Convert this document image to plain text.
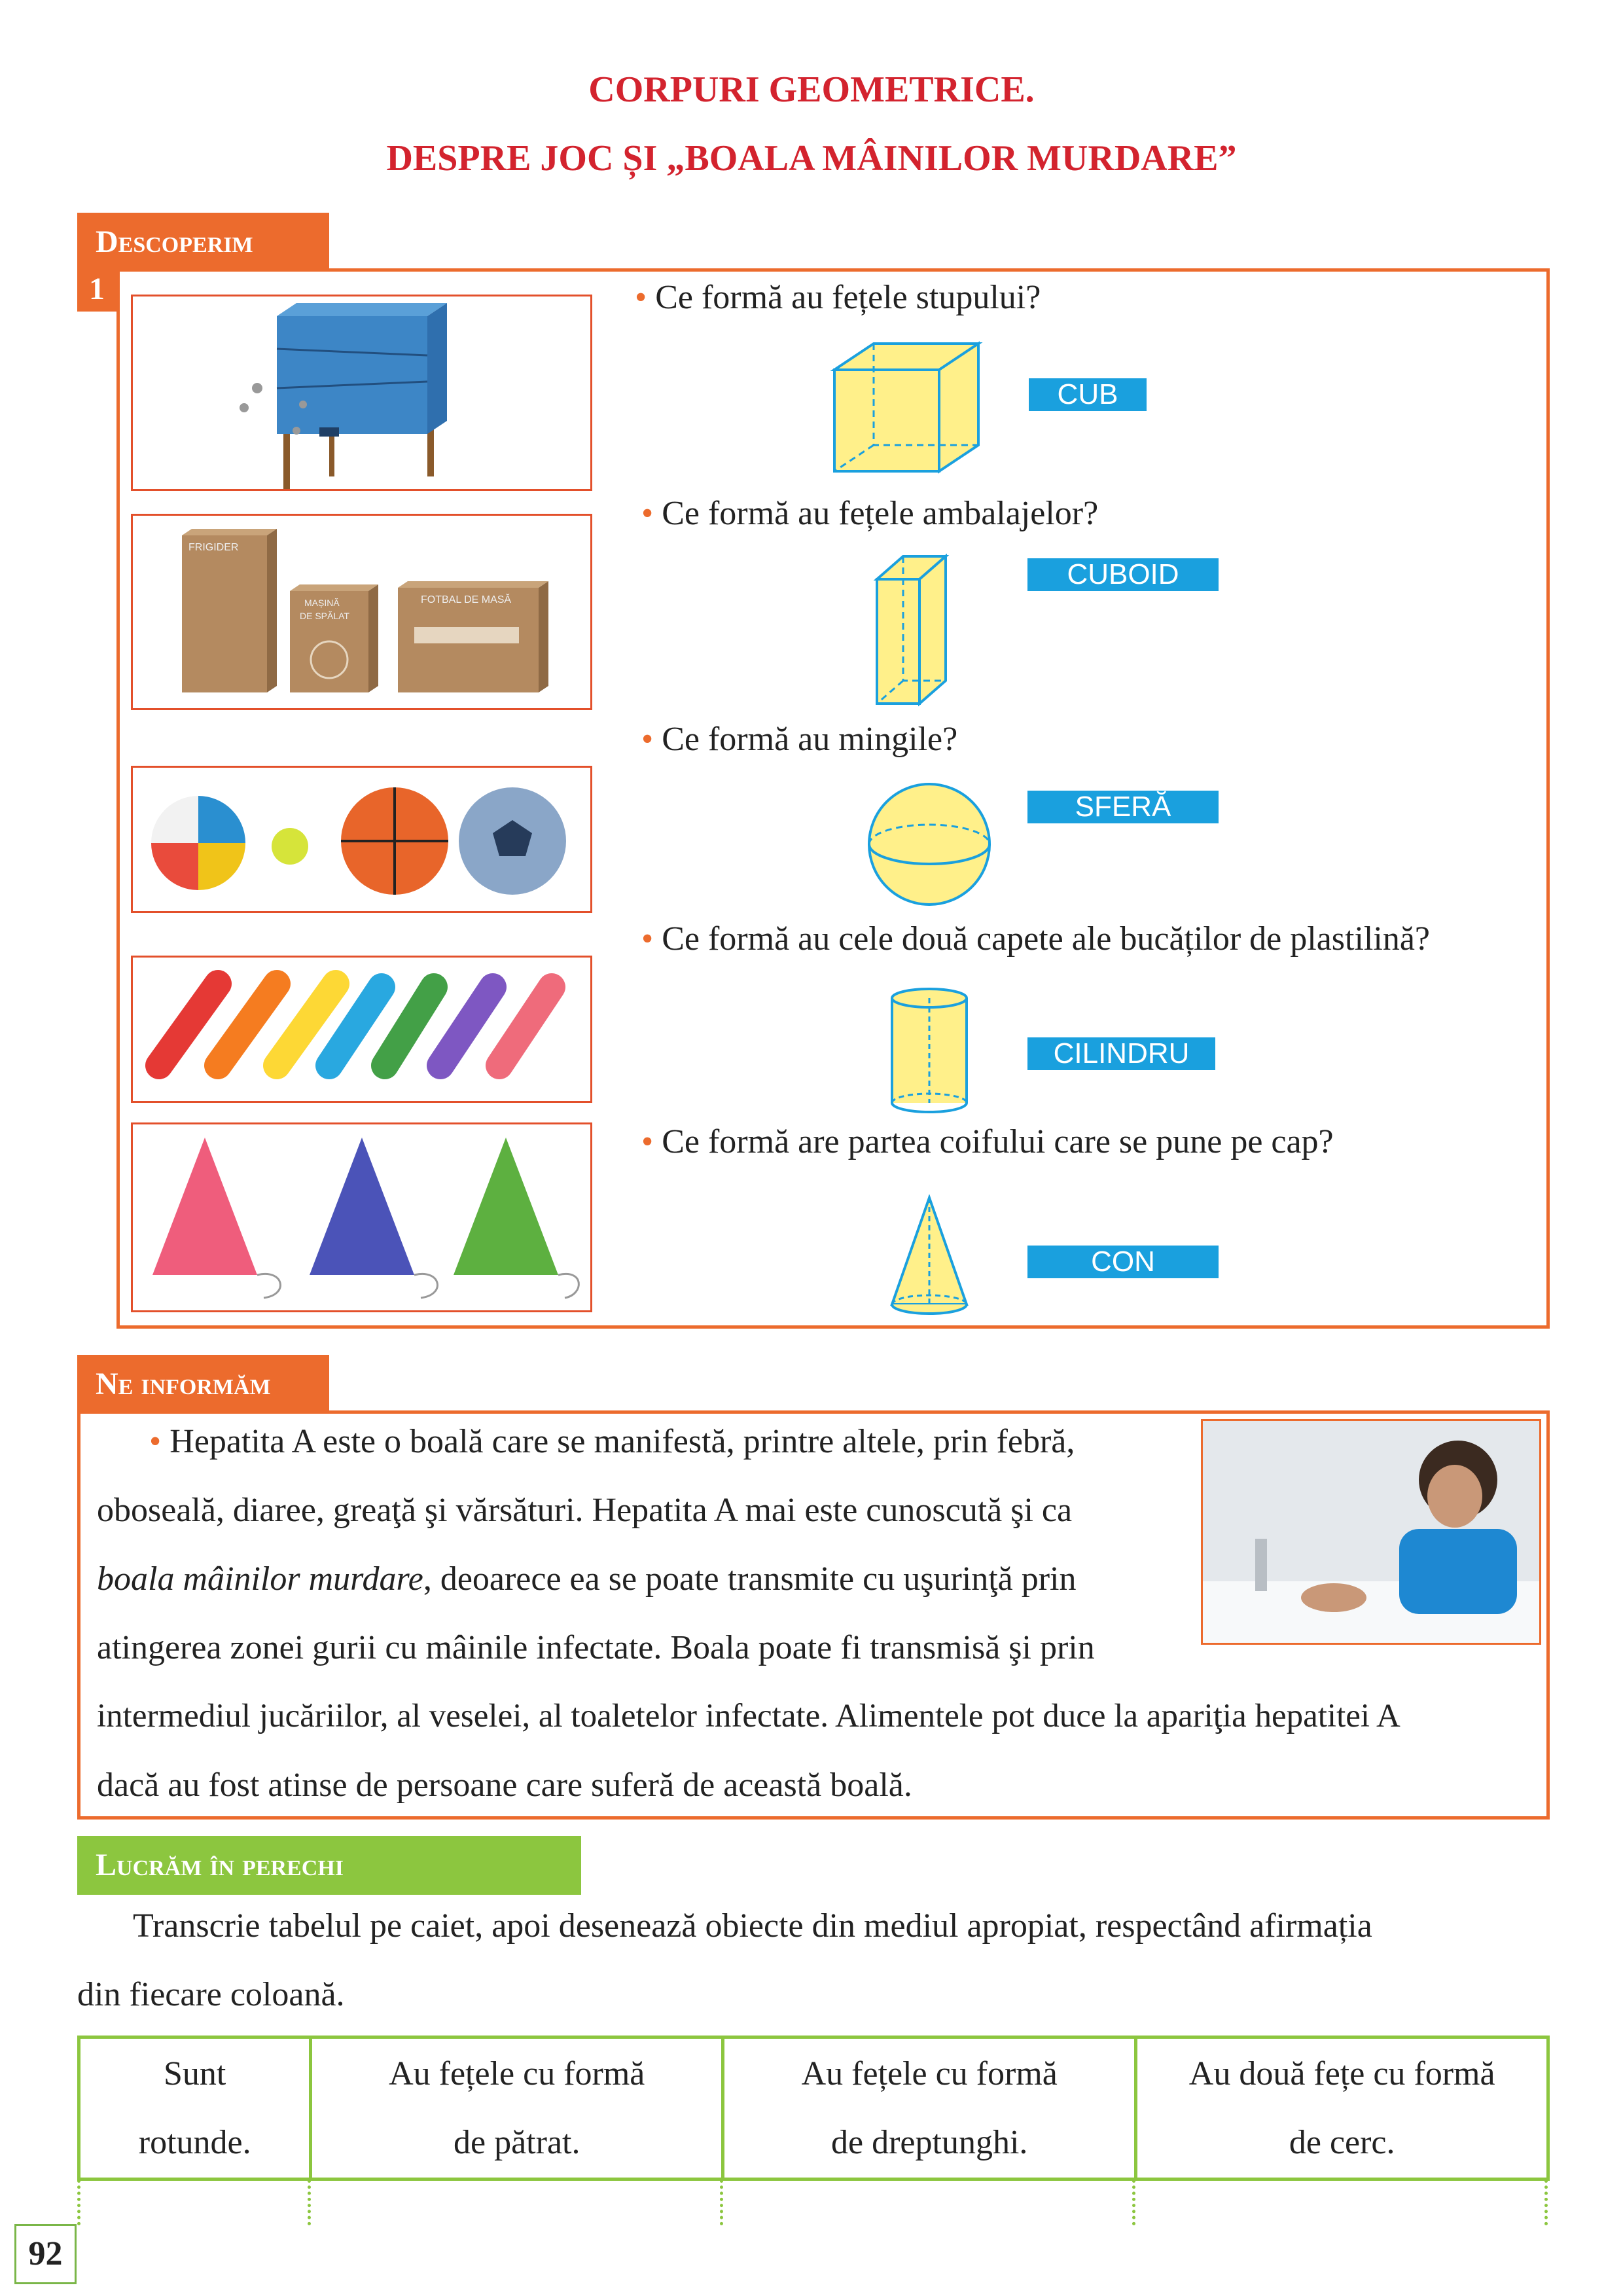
CORPURI GEOMETRICE.
DESPRE JOC ȘI „BOALA MÂINILOR MURDARE”
Descoperim
1
FRIGIDER
MAȘINĂ
DE SPĂLAT
FOTBAL DE MASĂ
• Ce formă au fețele stupului?
• Ce formă au fețele ambalajelor?
• Ce formă au mingile?
• Ce formă au cele două capete ale bucăților de plastilină?
• Ce formă are partea coifului care se pune pe cap?
CUB
CUBOID
SFERĂ
CILINDRU
CON
Ne informăm
• Hepatita A este o boală care se manifestă, printre altele, prin febră,
oboseală, diaree, greaţă şi vărsături. Hepatita A mai este cunoscută şi ca
boala mâinilor murdare, deoarece ea se poate transmite cu uşurinţă prin
atingerea zonei gurii cu mâinile infectate. Boala poate fi transmisă şi prin
intermediul jucăriilor, al veselei, al toaletelor infectate. Alimentele pot duce la apariţia hepatitei A
dacă au fost atinse de persoane care suferă de această boală.
Lucrăm în perechi
Transcrie tabelul pe caiet, apoi desenează obiecte din mediul apropiat, respectând afirmația
din fiecare coloană.
Sunt
rotunde.

Au fețele cu formă
de pătrat.

Au fețele cu formă
de dreptunghi.

Au două fețe cu formă
de cerc.
92
